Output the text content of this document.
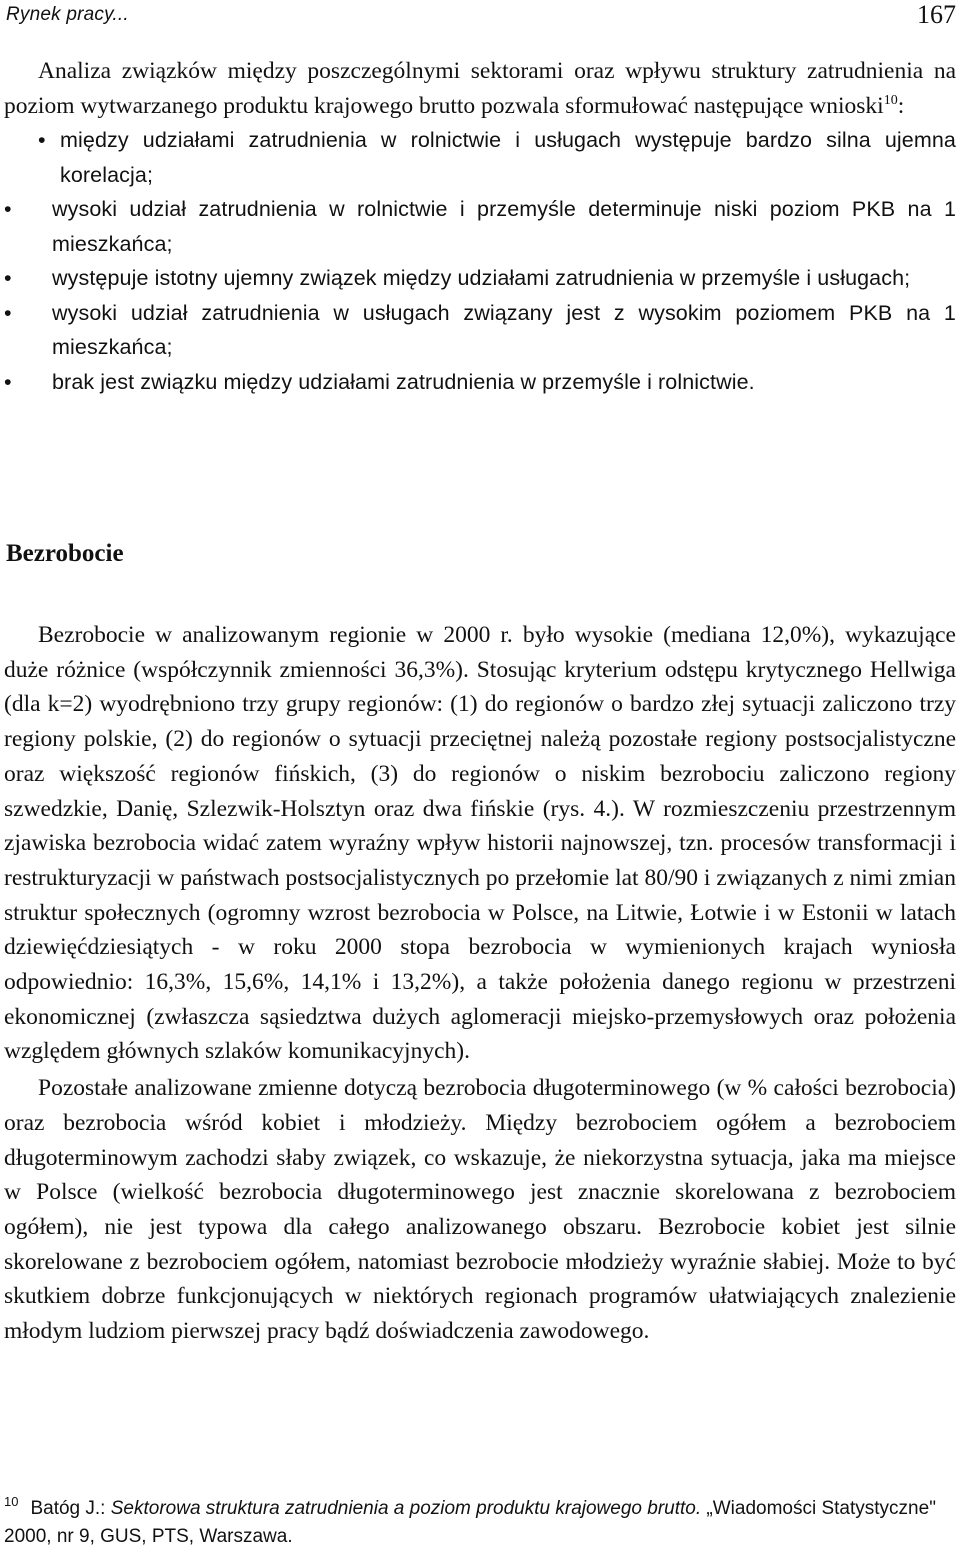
Rynek pracy...	167

Analiza związków między poszczególnymi sektorami oraz wpływu struktury zatrudnienia na poziom wytwarzanego produktu krajowego brutto pozwala sformułować następujące wnioski$^{10}$:

• między udziałami zatrudnienia w rolnictwie i usługach występuje bardzo silna ujemna korelacja;
• wysoki udział zatrudnienia w rolnictwie i przemyśle determinuje niski poziom PKB na 1 mieszkańca;
• występuje istotny ujemny związek między udziałami zatrudnienia w przemyśle i usługach;
• wysoki udział zatrudnienia w usługach związany jest z wysokim poziomem PKB na 1 mieszkańca;
• brak jest związku między udziałami zatrudnienia w przemyśle i rolnictwie.
Bezrobocie

Bezrobocie w analizowanym regionie w 2000 r. było wysokie (mediana 12,0%), wykazujące duże różnice (współczynnik zmienności 36,3%). Stosując kryterium odstępu krytycznego Hellwiga (dla k=2) wyodrębniono trzy grupy regionów: (1) do regionów o bardzo złej sytuacji zaliczono trzy regiony polskie, (2) do regionów o sytuacji przeciętnej należą pozostałe regiony postsocjalistyczne oraz większość regionów fińskich, (3) do regionów o niskim bezrobociu zaliczono regiony szwedzkie, Danię, Szlezwik-Holsztyn oraz dwa fińskie (rys. 4.). W rozmieszczeniu przestrzennym zjawiska bezrobocia widać zatem wyraźny wpływ historii najnowszej, tzn. procesów transformacji i restrukturyzacji w państwach postsocjalistycznych po przełomie lat 80/90 i związanych z nimi zmian struktur społecznych (ogromny wzrost bezrobocia w Polsce, na Litwie, Łotwie i w Estonii w latach dziewięćdziesiątych - w roku 2000 stopa bezrobocia w wymienionych krajach wyniosła odpowiednio: 16,3%, 15,6%, 14,1% i 13,2%), a także położenia danego regionu w przestrzeni ekonomicznej (zwłaszcza sąsiedztwa dużych aglomeracji miejsko-przemysłowych oraz położenia względem głównych szlaków komunikacyjnych).

Pozostałe analizowane zmienne dotyczą bezrobocia długoterminowego (w % całości bezrobocia) oraz bezrobocia wśród kobiet i młodzieży. Między bezrobociem ogółem a bezrobociem długoterminowym zachodzi słaby związek, co wskazuje, że niekorzystna sytuacja, jaka ma miejsce w Polsce (wielkość bezrobocia długoterminowego jest znacznie skorelowana z bezrobociem ogółem), nie jest typowa dla całego analizowanego obszaru. Bezrobocie kobiet jest silnie skorelowane z bezrobociem ogółem, natomiast bezrobocie młodzieży wyraźnie słabiej. Może to być skutkiem dobrze funkcjonujących w niektórych regionach programów ułatwiających znalezienie młodym ludziom pierwszej pracy bądź doświadczenia zawodowego.

$^{10}$ Batóg J.: Sektorowa struktura zatrudnienia a poziom produktu krajowego brutto. „Wiadomości Statystyczne" 2000, nr 9, GUS, PTS, Warszawa.
